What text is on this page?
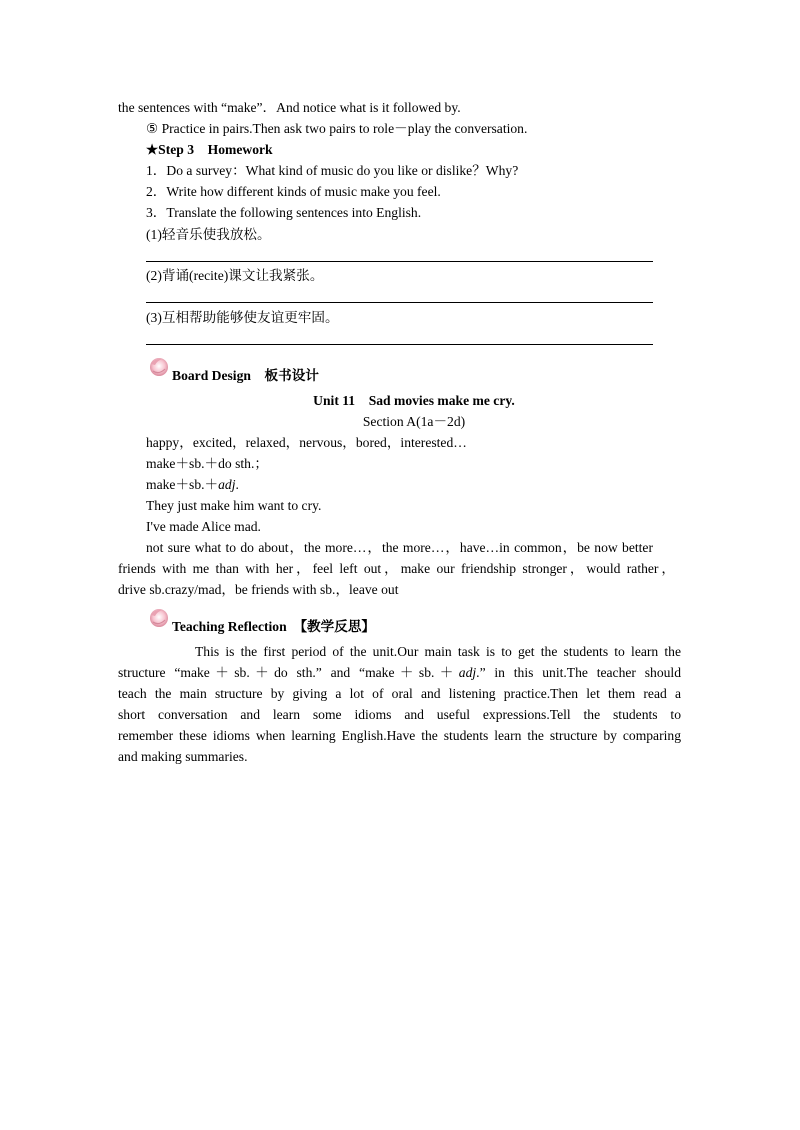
the sentences with “make”．And notice what is it followed by.
⑤ Practice in pairs.Then ask two pairs to role－play the conversation.
★Step 3　Homework
1．Do a survey：What kind of music do you like or dislike？Why?
2．Write how different kinds of music make you feel.
3．Translate the following sentences into English.
(1)轻音乐使我放松。
(2)背诵(recite)课文让我紧张。
(3)互相帮助能够使友谊更牢固。
Board Design　板书设计
Unit 11　Sad movies make me cry.
Section A(1a－2d)
happy，excited，relaxed，nervous，bored，interested…
make＋sb.＋do sth.；
make＋sb.＋adj.
They just make him want to cry.
I've made Alice mad.
not sure what to do about，the more…，the more…，have…in common，be now better
friends with me than with her，feel left out，make our friendship stronger，would rather，
drive sb.crazy/mad，be friends with sb.，leave out
Teaching Reflection　【教学反思】
This is the first period of the unit.Our main task is to get the students to learn the
structure “make＋sb.＋do sth.” and “make＋sb.＋adj.” in this unit.The teacher should
teach the main structure by giving a lot of oral and listening practice.Then let them read a
short conversation and learn some idioms and useful expressions.Tell the students to
remember these idioms when learning English.Have the students learn the structure by comparing
and making summaries.
